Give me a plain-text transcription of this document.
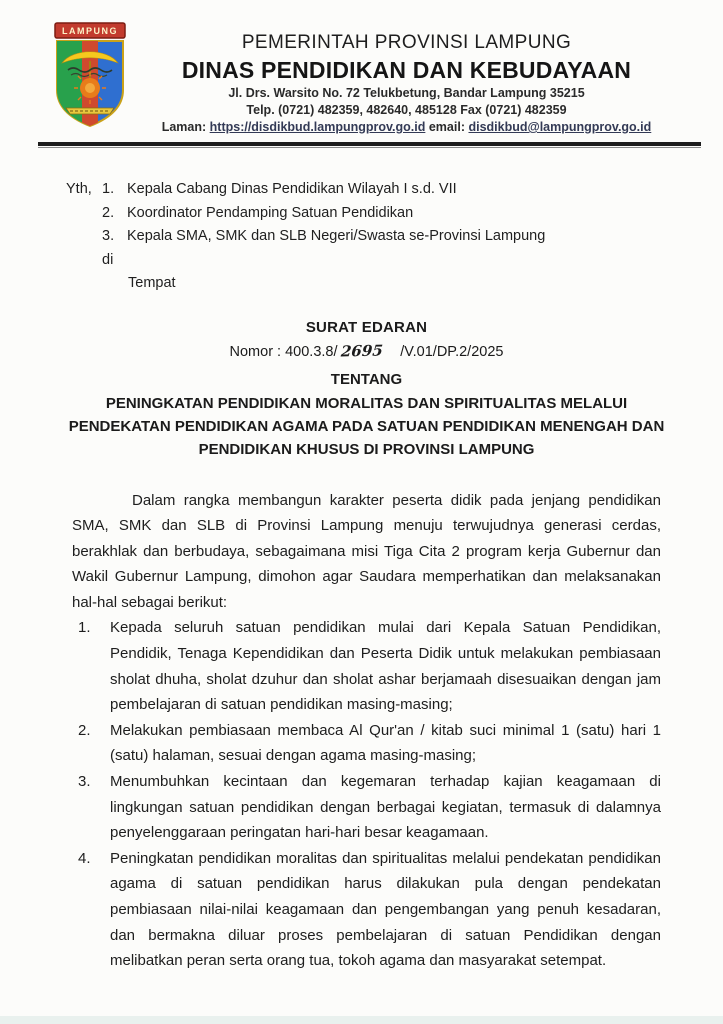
LAMPUNG
PEMERINTAH PROVINSI LAMPUNG
DINAS PENDIDIKAN DAN KEBUDAYAAN
Jl. Drs. Warsito No. 72 Telukbetung, Bandar Lampung 35215
Telp. (0721) 482359, 482640, 485128 Fax (0721) 482359
Laman: https://disdikbud.lampungprov.go.id email: disdikbud@lampungprov.go.id
Yth, 1. Kepala Cabang Dinas Pendidikan Wilayah I s.d. VII
2. Koordinator Pendamping Satuan Pendidikan
3. Kepala SMA, SMK dan SLB Negeri/Swasta se-Provinsi Lampung
di
Tempat
SURAT EDARAN
Nomor : 400.3.8/ 2695 /V.01/DP.2/2025
TENTANG
PENINGKATAN PENDIDIKAN MORALITAS DAN SPIRITUALITAS MELALUI PENDEKATAN PENDIDIKAN AGAMA PADA SATUAN PENDIDIKAN MENENGAH DAN PENDIDIKAN KHUSUS DI PROVINSI LAMPUNG

Dalam rangka membangun karakter peserta didik pada jenjang pendidikan SMA, SMK dan SLB di Provinsi Lampung menuju terwujudnya generasi cerdas, berakhlak dan berbudaya, sebagaimana misi Tiga Cita 2 program kerja Gubernur dan Wakil Gubernur Lampung, dimohon agar Saudara memperhatikan dan melaksanakan hal-hal sebagai berikut:

1.	Kepada seluruh satuan pendidikan mulai dari Kepala Satuan Pendidikan, Pendidik, Tenaga Kependidikan dan Peserta Didik untuk melakukan pembiasaan sholat dhuha, sholat dzuhur dan sholat ashar berjamaah disesuaikan dengan jam pembelajaran di satuan pendidikan masing-masing;
2.	Melakukan pembiasaan membaca Al Qur'an / kitab suci minimal 1 (satu) hari 1 (satu) halaman, sesuai dengan agama masing-masing;
3.	Menumbuhkan kecintaan dan kegemaran terhadap kajian keagamaan di lingkungan satuan pendidikan dengan berbagai kegiatan, termasuk di dalamnya penyelenggaraan peringatan hari-hari besar keagamaan.
4.	Peningkatan pendidikan moralitas dan spiritualitas melalui pendekatan pendidikan agama di satuan pendidikan harus dilakukan pula dengan pendekatan pembiasaan nilai-nilai keagamaan dan pengembangan yang penuh kesadaran, dan bermakna diluar proses pembelajaran di satuan Pendidikan dengan melibatkan peran serta orang tua, tokoh agama dan masyarakat setempat.
